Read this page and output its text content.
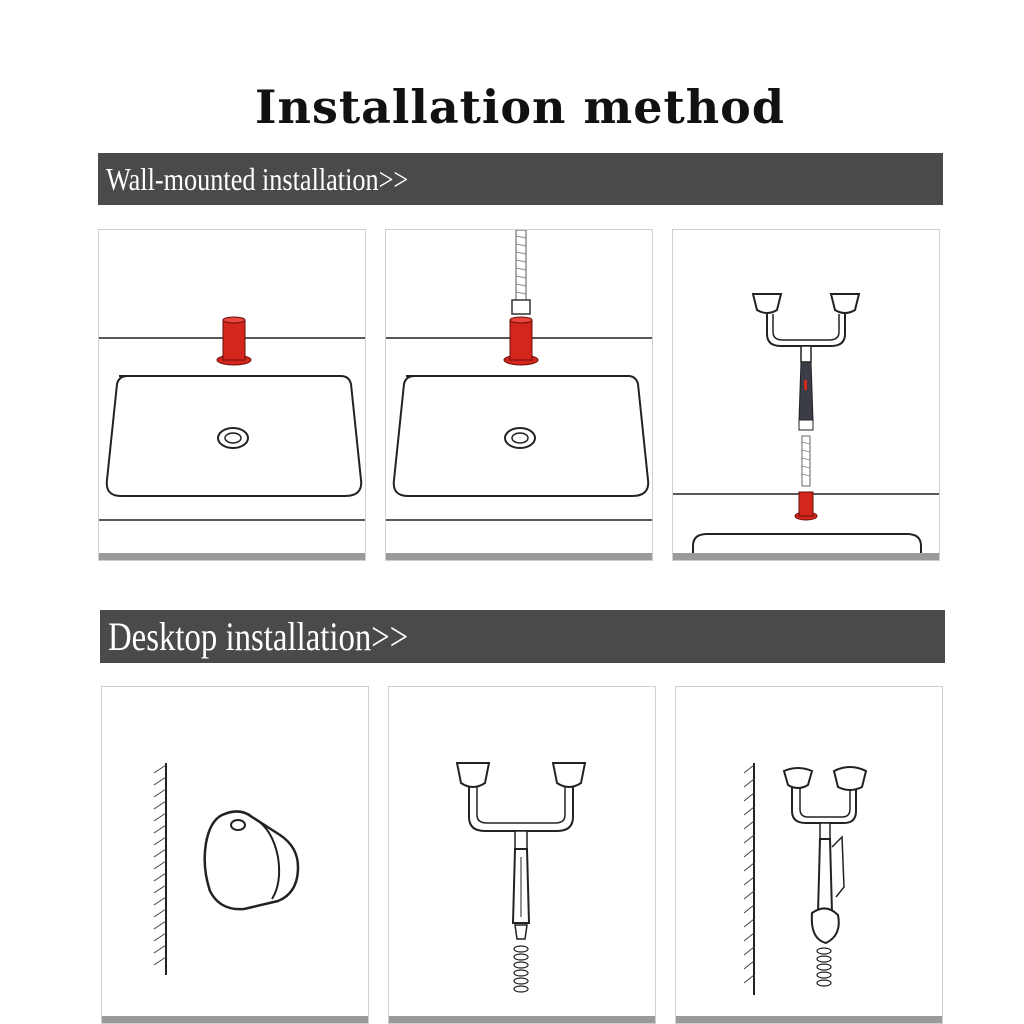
Installation method
Wall-mounted installation>>
Desktop installation>>
